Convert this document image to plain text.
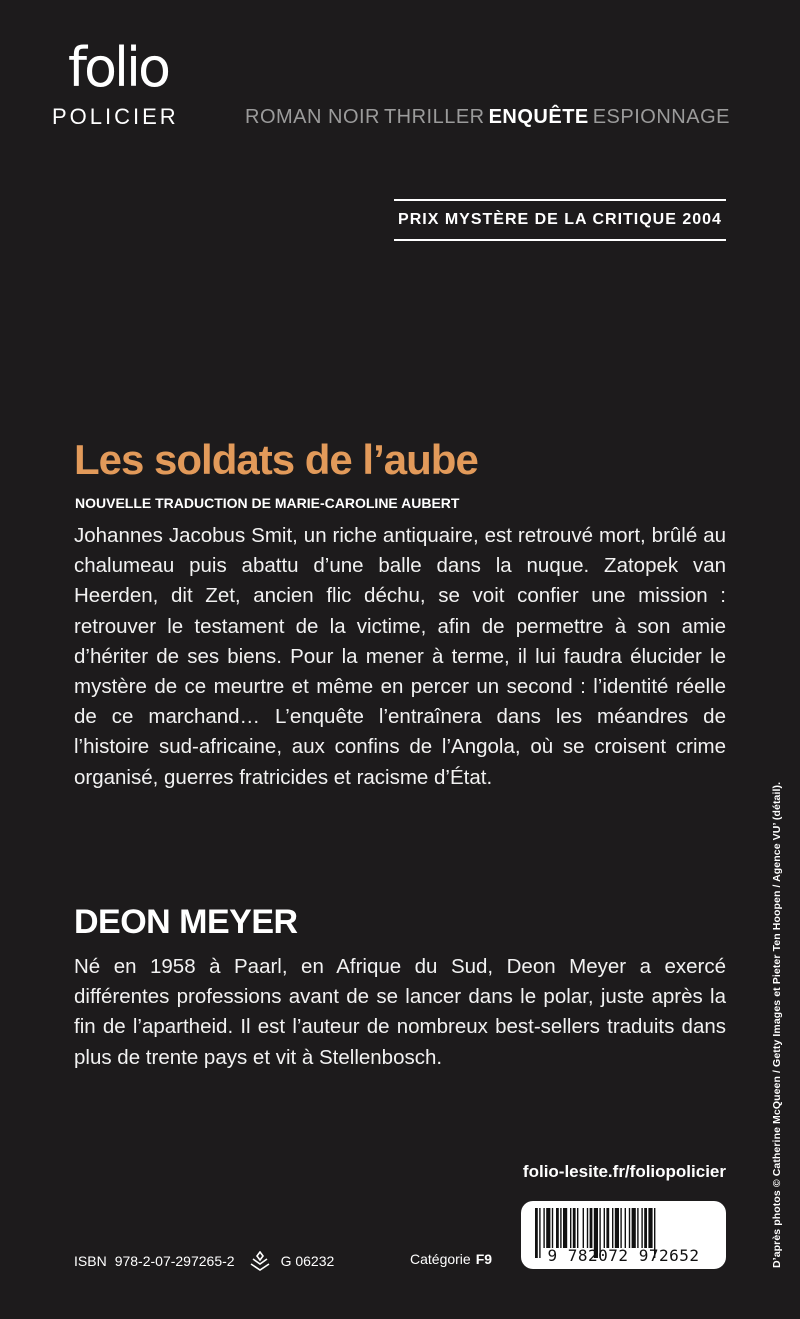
folio
POLICIER	ROMAN NOIR THRILLER ENQUÊTE ESPIONNAGE
PRIX MYSTÈRE DE LA CRITIQUE 2004
Les soldats de l’aube
NOUVELLE TRADUCTION DE MARIE-CAROLINE AUBERT

Johannes Jacobus Smit, un riche antiquaire, est retrouvé mort, brûlé au chalumeau puis abattu d’une balle dans la nuque. Zatopek van Heerden, dit Zet, ancien flic déchu, se voit confier une mission : retrouver le testament de la victime, afin de permettre à son amie d’hériter de ses biens. Pour la mener à terme, il lui faudra élucider le mystère de ce meurtre et même en percer un second : l’identité réelle de ce marchand… L’enquête l’entraînera dans les méandres de l’histoire sud-africaine, aux confins de l’Angola, où se croisent crime organisé, guerres fratricides et racisme d’État.

DEON MEYER

Né en 1958 à Paarl, en Afrique du Sud, Deon Meyer a exercé différentes professions avant de se lancer dans le polar, juste après la fin de l’apartheid. Il est l’auteur de nombreux best-sellers traduits dans plus de trente pays et vit à Stellenbosch.

folio-lesite.fr/foliopolicier
9 782072 972652
ISBN 978-2-07-297265-2	G 06232	Catégorie F9	D’après photos © Catherine McQueen / Getty Images et Pieter Ten Hoopen / Agence VU’ (détail).
